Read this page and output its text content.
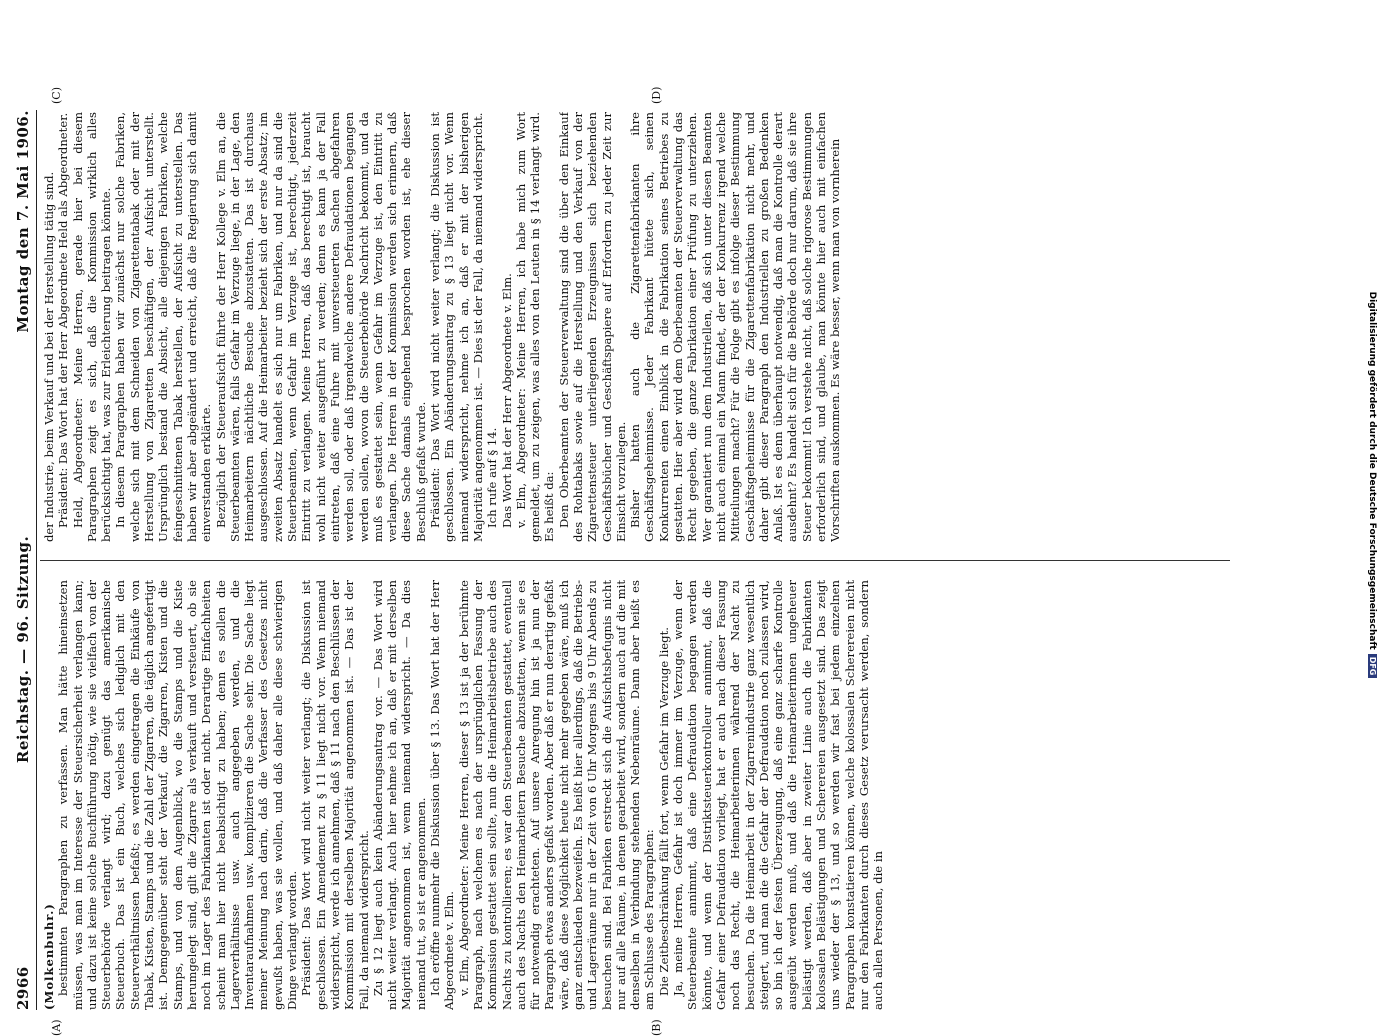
2966
Reichstag. — 96. Sitzung.
Montag den 7. Mai 1906.
(A)	(B)
(C)	(D)

(Molkenbuhr.) bestimmten Paragraphen zu verfassen. Man hätte hineinsetzen müssen, was man im Interesse der Steuersicherheit verlangen kann; und dazu ist keine solche Buchführung nötig, wie sie vielfach von der Steuerbehörde verlangt wird; dazu genügt das amerikanische Steuerbuch. Das ist ein Buch, welches sich lediglich mit den Steuerverhältnissen befaßt; es werden eingetragen die Einkäufe von Tabak, Kisten, Stamps und die Zahl der Zigarren, die täglich angefertigt ist. Demgegenüber steht der Verkauf, die Zigarren, Kisten und die Stamps, und von dem Augenblick, wo die Stamps und die Kiste herumgelegt sind, gilt die Zigarre als verkauft und versteuert, ob sie noch im Lager des Fabrikanten ist oder nicht. Derartige Einfachheiten scheint man hier nicht beabsichtigt zu haben; denn es sollen die Lagerverhältnisse usw. auch angegeben werden, und die Inventaraufnahmen usw. komplizieren die Sache sehr. Die Sache liegt meiner Meinung nach darin, daß die Verfasser des Gesetzes nicht gewußt haben, was sie wollen, und daß daher alle diese schwierigen Dinge verlangt worden. Präsident: Das Wort wird nicht weiter verlangt; die Diskussion ist geschlossen. Ein Amendement zu § 11 liegt nicht vor. Wenn niemand widerspricht, werde ich annehmen, daß § 11 nach den Beschlüssen der Kommission mit derselben Majorität angenommen ist. — Das ist der Fall, da niemand widerspricht. Zu § 12 liegt auch kein Abänderungsantrag vor. — Das Wort wird nicht weiter verlangt. Auch hier nehme ich an, daß er mit derselben Majorität angenommen ist, wenn niemand widerspricht. — Da dies niemand tut, so ist er angenommen. Ich eröffne nunmehr die Diskussion über § 13. Das Wort hat der Herr Abgeordnete v. Elm. v. Elm, Abgeordneter: Meine Herren, dieser § 13 ist ja der berühmte Paragraph, nach welchem es nach der ursprünglichen Fassung der Kommission gestattet sein sollte, nun die Heimarbeitsbetriebe auch des Nachts zu kontrollieren; es war den Steuerbeamten gestattet, eventuell auch des Nachts den Heimarbeitern Besuche abzustatten, wenn sie es für notwendig erachteten. Auf unsere Anregung hin ist ja nun der Paragraph etwas anders gefaßt worden. Aber daß er nun derartig gefaßt wäre, daß diese Möglichkeit heute nicht mehr gegeben wäre, muß ich ganz entschieden bezweifeln. Es heißt hier allerdings, daß die Betriebs- und Lagerräume nur in der Zeit von 6 Uhr Morgens bis 9 Uhr Abends zu besuchen sind. Bei Fabriken erstreckt sich die Aufsichtsbefugnis nicht nur auf alle Räume, in denen gearbeitet wird, sondern auch auf die mit denselben in Verbindung stehenden Nebenräume. Dann aber heißt es am Schlusse des Paragraphen: Die Zeitbeschränkung fällt fort, wenn Gefahr im Verzuge liegt. Ja, meine Herren, Gefahr ist doch immer im Verzuge, wenn der Steuerbeamte annimmt, daß eine Defraudation begangen werden könnte, und wenn der Distriktsteuerkontrolleur annimmt, daß die Gefahr einer Defraudation vorliegt, hat er auch nach dieser Fassung noch das Recht, die Heimarbeiterinnen während der Nacht zu besuchen. Da die Heimarbeit in der Zigarrenindustrie ganz wesentlich steigert, und man die die Gefahr der Defraudation noch zulassen wird, so bin ich der festen Überzeugung, daß eine ganz scharfe Kontrolle ausgeübt werden muß, und daß die Heimarbeiterinnen ungeheuer belästigt werden, daß aber in zweiter Linie auch die Fabrikanten kolossalen Belästigungen und Scherereien ausgesetzt sind. Das zeigt uns wieder der § 13, und so werden wir fast bei jedem einzelnen Paragraphen konstatieren können, welche kolossalen Scherereien nicht nur den Fabrikanten durch dieses Gesetz verursacht werden, sondern auch allen Personen, die in

der Industrie, beim Verkauf und bei der Herstellung tätig sind. Präsident: Das Wort hat der Herr Abgeordnete Held als Abgeordneter. Held, Abgeordneter: Meine Herren, gerade hier bei diesem Paragraphen zeigt es sich, daß die Kommission wirklich alles berücksichtigt hat, was zur Erleichterung beitragen könnte. In diesem Paragraphen haben wir zunächst nur solche Fabriken, welche sich mit dem Schneiden von Zigarettentabak oder mit der Herstellung von Zigaretten beschäftigen, der Aufsicht unterstellt. Ursprünglich bestand die Absicht, alle diejenigen Fabriken, welche feingeschnittenen Tabak herstellen, der Aufsicht zu unterstellen. Das haben wir aber abgeändert und erreicht, daß die Regierung sich damit einverstanden erklärte. Bezüglich der Steueraufsicht führte der Herr Kollege v. Elm an, die Steuerbeamten wären, falls Gefahr im Verzuge liege, in der Lage, den Heimarbeitern nächtliche Besuche abzustatten. Das ist durchaus ausgeschlossen. Auf die Heimarbeiter bezieht sich der erste Absatz; im zweiten Absatz handelt es sich nur um Fabriken, und nur da sind die Steuerbeamten, wenn Gefahr im Verzuge ist, berechtigt, jederzeit Eintritt zu verlangen. Meine Herren, daß das berechtigt ist, braucht wohl nicht weiter ausgeführt zu werden; denn es kann ja der Fall eintreten, daß eine Fuhre mit unversteuerten Sachen abgefahren werden soll, oder daß irgendwelche andere Defraudationen begangen werden sollen, wovon die Steuerbehörde Nachricht bekommt, und da muß es gestattet sein, wenn Gefahr im Verzuge ist, den Eintritt zu verlangen. Die Herren in der Kommission werden sich erinnern, daß diese Sache damals eingehend besprochen worden ist, ehe dieser Beschluß gefaßt wurde. Präsident: Das Wort wird nicht weiter verlangt; die Diskussion ist geschlossen. Ein Abänderungsantrag zu § 13 liegt nicht vor. Wenn niemand widerspricht, nehme ich an, daß er mit der bisherigen Majorität angenommen ist. — Dies ist der Fall, da niemand widerspricht. Ich rufe auf § 14. Das Wort hat der Herr Abgeordnete v. Elm. v. Elm, Abgeordneter: Meine Herren, ich habe mich zum Wort gemeldet, um zu zeigen, was alles von den Leuten in § 14 verlangt wird. Es heißt da: Den Oberbeamten der Steuerverwaltung sind die über den Einkauf des Rohtabaks sowie auf die Herstellung und den Verkauf von der Zigarettensteuer unterliegenden Erzeugnissen sich beziehenden Geschäftsbücher und Geschäftspapiere auf Erfordern zu jeder Zeit zur Einsicht vorzulegen. Bisher hatten auch die Zigarettenfabrikanten ihre Geschäftsgeheimnisse. Jeder Fabrikant hütete sich, seinen Konkurrenten einen Einblick in die Fabrikation seines Betriebes zu gestatten. Hier aber wird dem Oberbeamten der Steuerverwaltung das Recht gegeben, die ganze Fabrikation einer Prüfung zu unterziehen. Wer garantiert nun dem Industriellen, daß sich unter diesen Beamten nicht auch einmal ein Mann findet, der der Konkurrenz irgend welche Mitteilungen macht? Für die Folge gibt es infolge dieser Bestimmung Geschäftsgeheimnisse für die Zigarettenfabrikation nicht mehr, und daher gibt dieser Paragraph den Industriellen zu großen Bedenken Anlaß. Ist es denn überhaupt notwendig, daß man die Kontrolle derart ausdehnt? Es handelt sich für die Behörde doch nur darum, daß sie ihre Steuer bekommt! Ich verstehe nicht, daß solche rigorose Bestimmungen erforderlich sind, und glaube, man könnte hier auch mit einfachen Vorschriften auskommen. Es wäre besser, wenn man von vornherein	Digitalisierung gefördert durch die Deutsche ForschungsgemeinschaftDFG
